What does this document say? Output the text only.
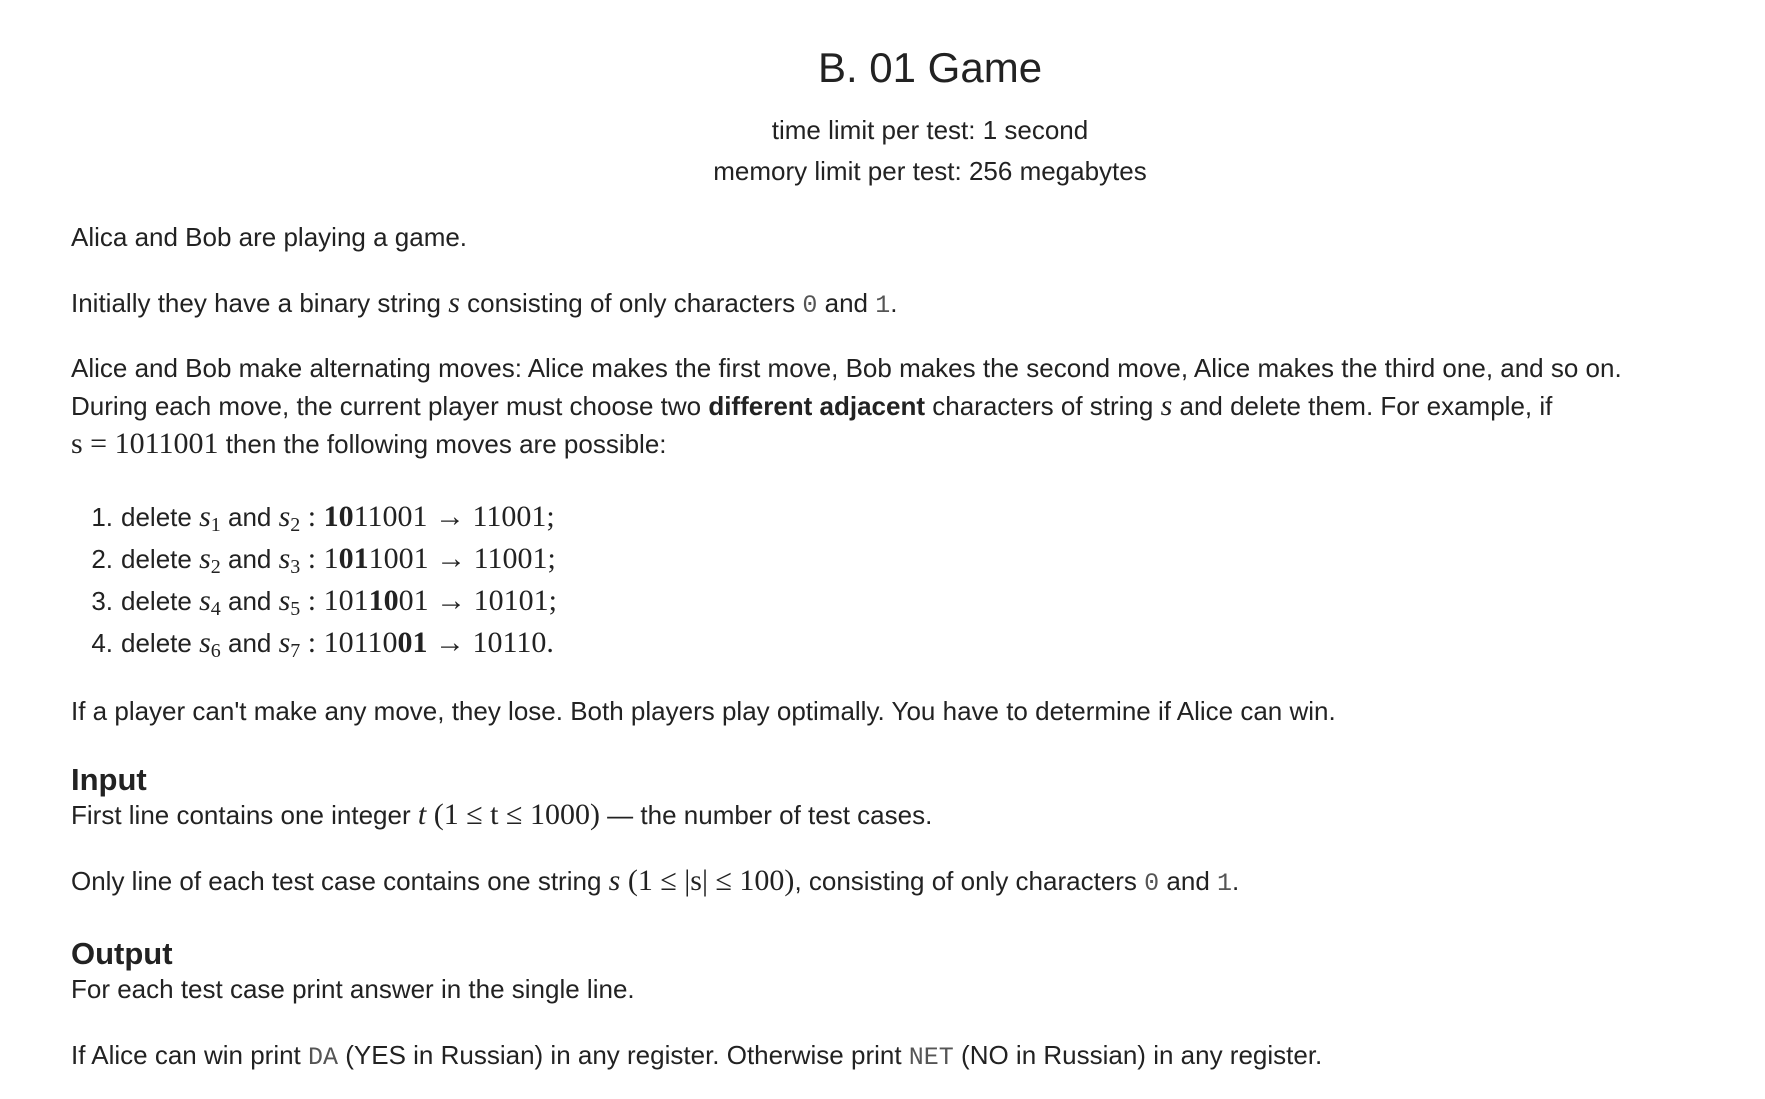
B. 01 Game
time limit per test: 1 second
memory limit per test: 256 megabytes
Alica and Bob are playing a game.
Initially they have a binary string s consisting of only characters 0 and 1.
Alice and Bob make alternating moves: Alice makes the first move, Bob makes the second move, Alice makes the third one, and so on.
During each move, the current player must choose two different adjacent characters of string s and delete them. For example, if
s = 1011001 then the following moves are possible:
1. delete $s_1$ and $s_2$ : 1011001 → 11001;
2. delete $s_2$ and $s_3$ : 1011001 → 11001;
3. delete $s_4$ and $s_5$ : 1011001 → 10101;
4. delete $s_6$ and $s_7$ : 1011001 → 10110.
If a player can't make any move, they lose. Both players play optimally. You have to determine if Alice can win.
Input
First line contains one integer t (1 ≤ t ≤ 1000) — the number of test cases.
Only line of each test case contains one string s (1 ≤ |s| ≤ 100), consisting of only characters 0 and 1.
Output
For each test case print answer in the single line.
If Alice can win print DA (YES in Russian) in any register. Otherwise print NET (NO in Russian) in any register.
